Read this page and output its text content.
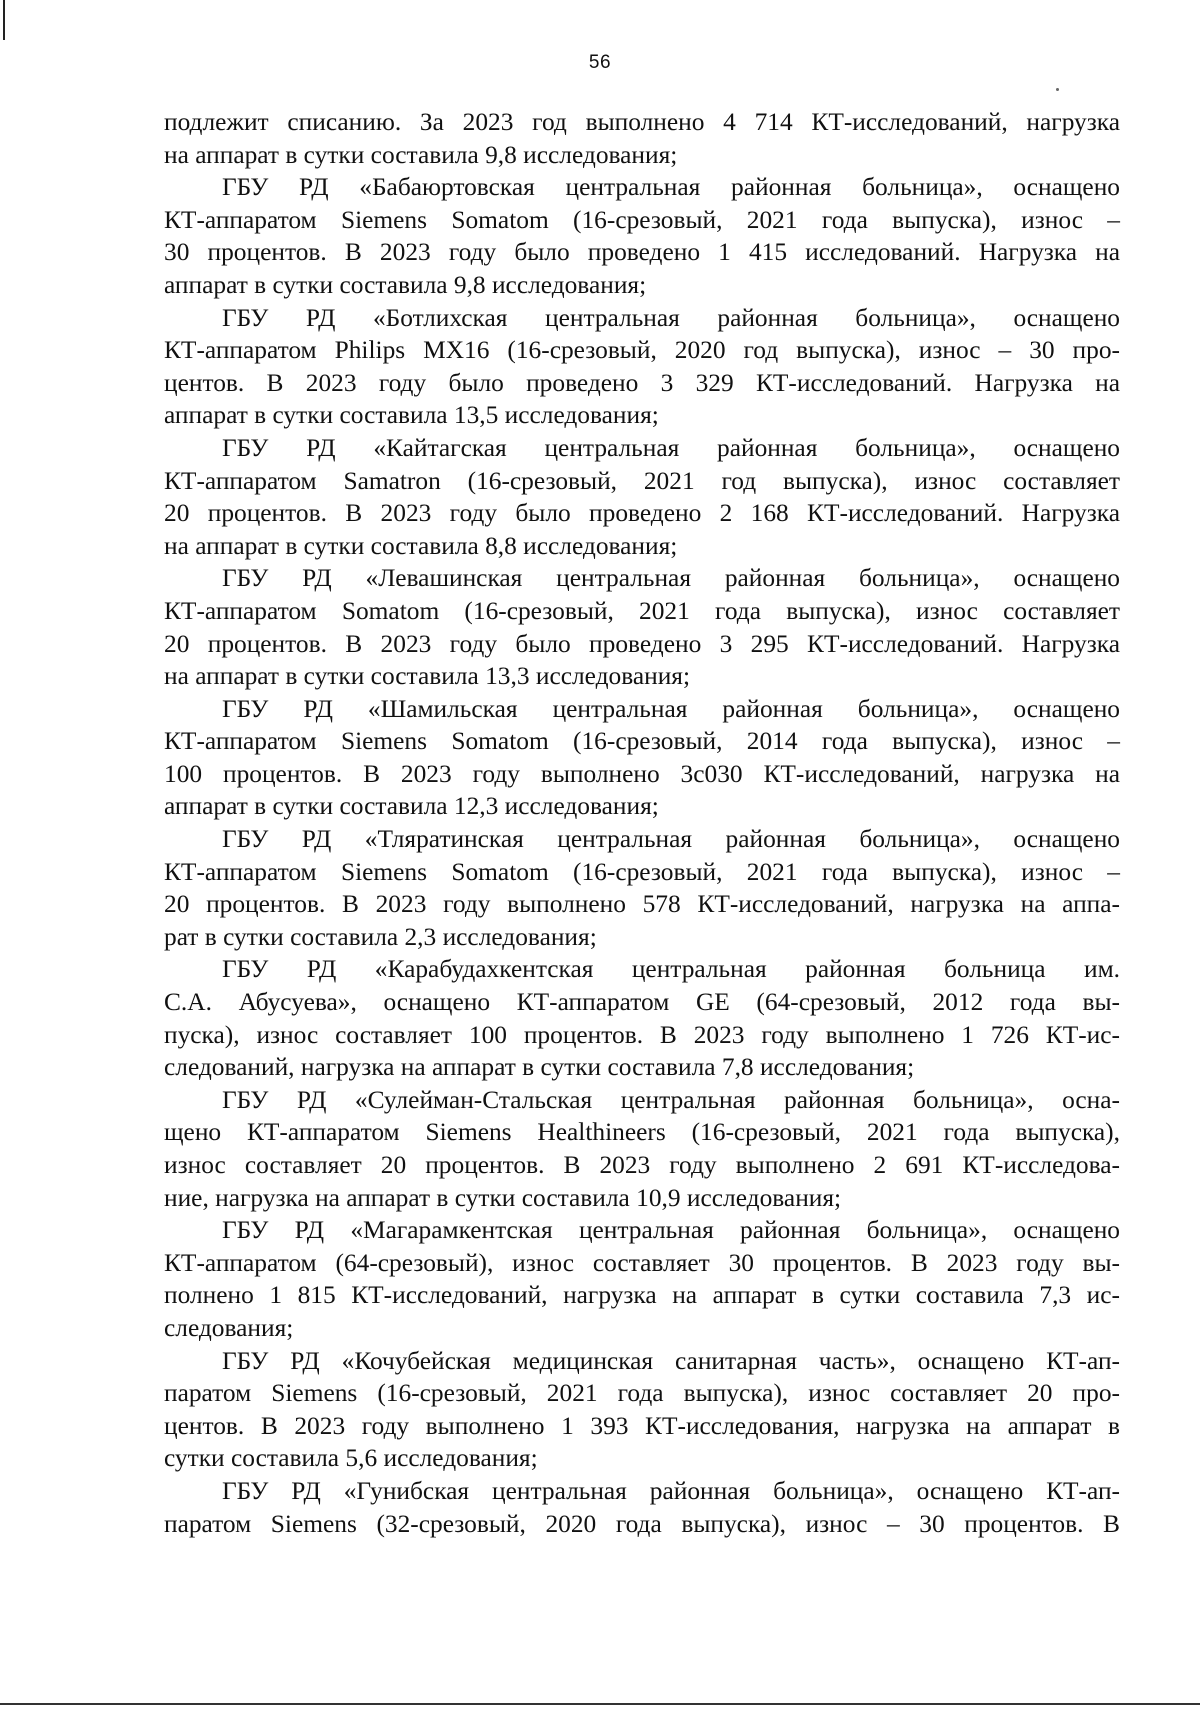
56
подлежит списанию. За 2023 год выполнено 4 714 КТ-исследований, нагрузка
на аппарат в сутки составила 9,8 исследования;
ГБУ РД «Бабаюртовская центральная районная больница», оснащено
КТ-аппаратом Siemens Somatom (16-срезовый, 2021 года выпуска), износ –
30 процентов. В 2023 году было проведено 1 415 исследований. Нагрузка на
аппарат в сутки составила 9,8 исследования;
ГБУ РД «Ботлихская центральная районная больница», оснащено
КТ-аппаратом Philips MX16 (16-срезовый, 2020 год выпуска), износ – 30 про-
центов. В 2023 году было проведено 3 329 КТ-исследований. Нагрузка на
аппарат в сутки составила 13,5 исследования;
ГБУ РД «Кайтагская центральная районная больница», оснащено
КТ-аппаратом Samatron (16-срезовый, 2021 год выпуска), износ составляет
20 процентов. В 2023 году было проведено 2 168 КТ-исследований. Нагрузка
на аппарат в сутки составила 8,8 исследования;
ГБУ РД «Левашинская центральная районная больница», оснащено
КТ-аппаратом Somatom (16-срезовый, 2021 года выпуска), износ составляет
20 процентов. В 2023 году было проведено 3 295 КТ-исследований. Нагрузка
на аппарат в сутки составила 13,3 исследования;
ГБУ РД «Шамильская центральная районная больница», оснащено
КТ-аппаратом Siemens Somatom (16-срезовый, 2014 года выпуска), износ –
100 процентов. В 2023 году выполнено 3с030 КТ-исследований, нагрузка на
аппарат в сутки составила 12,3 исследования;
ГБУ РД «Тляратинская центральная районная больница», оснащено
КТ-аппаратом Siemens Somatom (16-срезовый, 2021 года выпуска), износ –
20 процентов. В 2023 году выполнено 578 КТ-исследований, нагрузка на аппа-
рат в сутки составила 2,3 исследования;
ГБУ РД «Карабудахкентская центральная районная больница им.
С.А. Абусуева», оснащено КТ-аппаратом GE (64-срезовый, 2012 года вы-
пуска), износ составляет 100 процентов. В 2023 году выполнено 1 726 КТ-ис-
следований, нагрузка на аппарат в сутки составила 7,8 исследования;
ГБУ РД «Сулейман-Стальская центральная районная больница», осна-
щено КТ-аппаратом Siemens Healthineers (16-срезовый, 2021 года выпуска),
износ составляет 20 процентов. В 2023 году выполнено 2 691 КТ-исследова-
ние, нагрузка на аппарат в сутки составила 10,9 исследования;
ГБУ РД «Магарамкентская центральная районная больница», оснащено
КТ-аппаратом (64-срезовый), износ составляет 30 процентов. В 2023 году вы-
полнено 1 815 КТ-исследований, нагрузка на аппарат в сутки составила 7,3 ис-
следования;
ГБУ РД «Кочубейская медицинская санитарная часть», оснащено КТ-ап-
паратом Siemens (16-срезовый, 2021 года выпуска), износ составляет 20 про-
центов. В 2023 году выполнено 1 393 КТ-исследования, нагрузка на аппарат в
сутки составила 5,6 исследования;
ГБУ РД «Гунибская центральная районная больница», оснащено КТ-ап-
паратом Siemens (32-срезовый, 2020 года выпуска), износ – 30 процентов. В
